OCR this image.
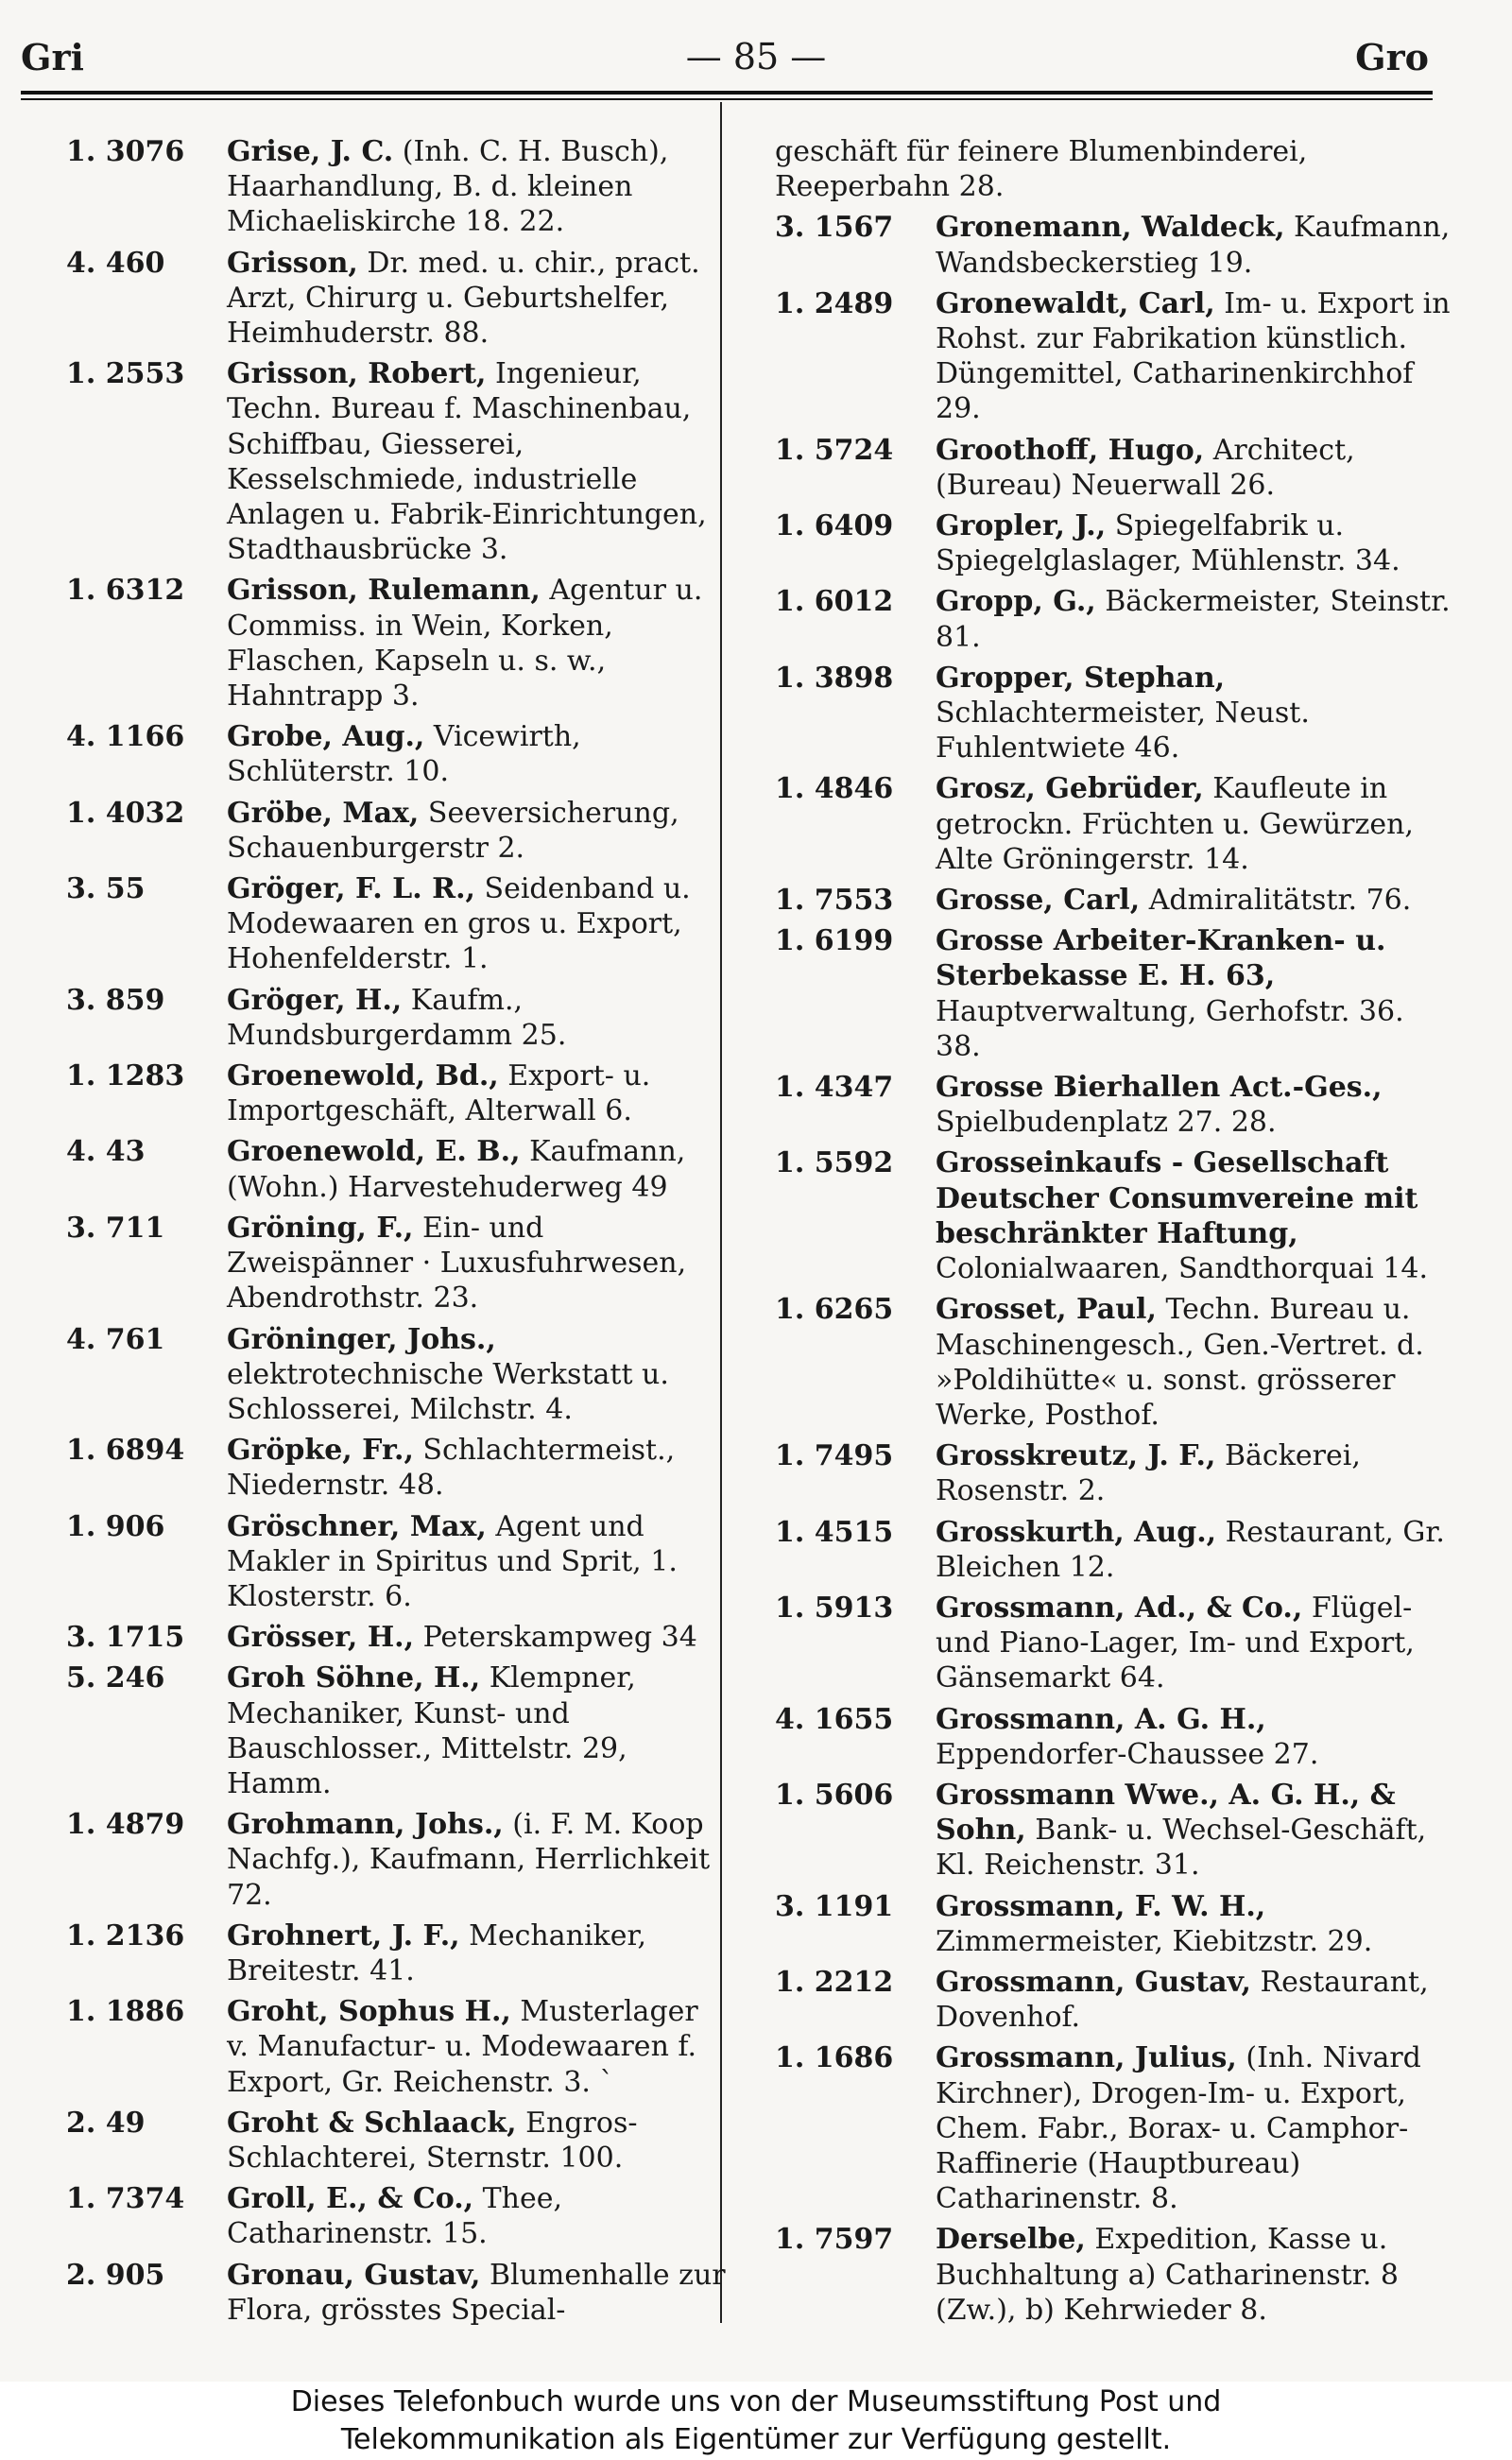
Gri	— 85 —	Gro
1. 3076 Grise, J. C. (Inh. C. H. Busch), Haarhandlung, B. d. kleinen Michaeliskirche 18. 22.
4. 460 Grisson, Dr. med. u. chir., pract. Arzt, Chirurg u. Geburtshelfer, Heimhuderstr. 88.
1. 2553 Grisson, Robert, Ingenieur, Techn. Bureau f. Maschinenbau, Schiffbau, Giesserei, Kesselschmiede, industrielle Anlagen u. Fabrik-Einrichtungen, Stadthausbrücke 3.
1. 6312 Grisson, Rulemann, Agentur u. Commiss. in Wein, Korken, Flaschen, Kapseln u. s. w., Hahntrapp 3.
4. 1166 Grobe, Aug., Vicewirth, Schlüterstr. 10.
1. 4032 Gröbe, Max, Seeversicherung, Schauenburgerstr 2.
3. 55	Gröger, F. L. R., Seidenband u. Modewaaren en gros u. Export, Hohenfelderstr. 1.
3. 859 Gröger, H., Kaufm., Mundsburgerdamm 25.
1. 1283 Groenewold, Bd., Export- u. Importgeschäft, Alterwall 6.
4. 43	Groenewold, E. B., Kaufmann, (Wohn.) Harvestehuderweg 49
3. 711 Gröning, F., Ein- und Zweispänner · Luxusfuhrwesen, Abendrothstr. 23.
4. 761 Gröninger, Johs., elektrotechnische Werkstatt u. Schlosserei, Milchstr. 4.
1. 6894 Gröpke, Fr., Schlachtermeist., Niedernstr. 48.
1. 906 Gröschner, Max, Agent und Makler in Spiritus und Sprit, 1. Klosterstr. 6.
3. 1715 Grösser, H., Peterskampweg 34
5. 246 Groh Söhne, H., Klempner, Mechaniker, Kunst- und Bauschlosser., Mittelstr. 29, Hamm.
1. 4879 Grohmann, Johs., (i. F. M. Koop Nachfg.), Kaufmann, Herrlichkeit 72.
1. 2136 Grohnert, J. F., Mechaniker, Breitestr. 41.
1. 1886 Groht, Sophus H., Musterlager v. Manufactur- u. Modewaaren f. Export, Gr. Reichenstr. 3. `
2. 49	Groht & Schlaack, Engros-Schlachterei, Sternstr. 100.
1. 7374 Groll, E., & Co., Thee, Catharinenstr. 15.
2. 905 Gronau, Gustav, Blumenhalle zur Flora, grösstes Special-
geschäft für feinere Blumenbinderei, Reeperbahn 28.
3. 1567 Gronemann, Waldeck, Kaufmann, Wandsbeckerstieg 19.
1. 2489 Gronewaldt, Carl, Im- u. Export in Rohst. zur Fabrikation künstlich. Düngemittel, Catharinenkirchhof 29.
1. 5724 Groothoff, Hugo, Architect, (Bureau) Neuerwall 26.
1. 6409 Gropler, J., Spiegelfabrik u. Spiegelglaslager, Mühlenstr. 34.
1. 6012 Gropp, G., Bäckermeister, Steinstr. 81.
1. 3898 Gropper, Stephan, Schlachtermeister, Neust. Fuhlentwiete 46.
1. 4846 Grosz, Gebrüder, Kaufleute in getrockn. Früchten u. Gewürzen, Alte Gröningerstr. 14.
1. 7553 Grosse, Carl, Admiralitätstr. 76.
1. 6199 Grosse Arbeiter-Kranken- u. Sterbekasse E. H. 63, Hauptverwaltung, Gerhofstr. 36. 38.
1. 4347 Grosse Bierhallen Act.-Ges., Spielbudenplatz 27. 28.
1. 5592 Grosseinkaufs - Gesellschaft Deutscher Consumvereine mit beschränkter Haftung, Colonialwaaren, Sandthorquai 14.
1. 6265 Grosset, Paul, Techn. Bureau u. Maschinengesch., Gen.-Vertret. d. »Poldihütte« u. sonst. grösserer Werke, Posthof.
1. 7495 Grosskreutz, J. F., Bäckerei, Rosenstr. 2.
1. 4515 Grosskurth, Aug., Restaurant, Gr. Bleichen 12.
1. 5913 Grossmann, Ad., & Co., Flügel- und Piano-Lager, Im- und Export, Gänsemarkt 64.
4. 1655 Grossmann, A. G. H., Eppendorfer-Chaussee 27.
1. 5606 Grossmann Wwe., A. G. H., & Sohn, Bank- u. Wechsel-Geschäft, Kl. Reichenstr. 31.
3. 1191 Grossmann, F. W. H., Zimmermeister, Kiebitzstr. 29.
1. 2212 Grossmann, Gustav, Restaurant, Dovenhof.
1. 1686 Grossmann, Julius, (Inh. Nivard Kirchner), Drogen-Im- u. Export, Chem. Fabr., Borax- u. Camphor-Raffinerie (Hauptbureau) Catharinenstr. 8.
1. 7597 Derselbe, Expedition, Kasse u. Buchhaltung a) Catharinenstr. 8 (Zw.), b) Kehrwieder 8.
Dieses Telefonbuch wurde uns von der Museumsstiftung Post und
Telekommunikation als Eigentümer zur Verfügung gestellt.
